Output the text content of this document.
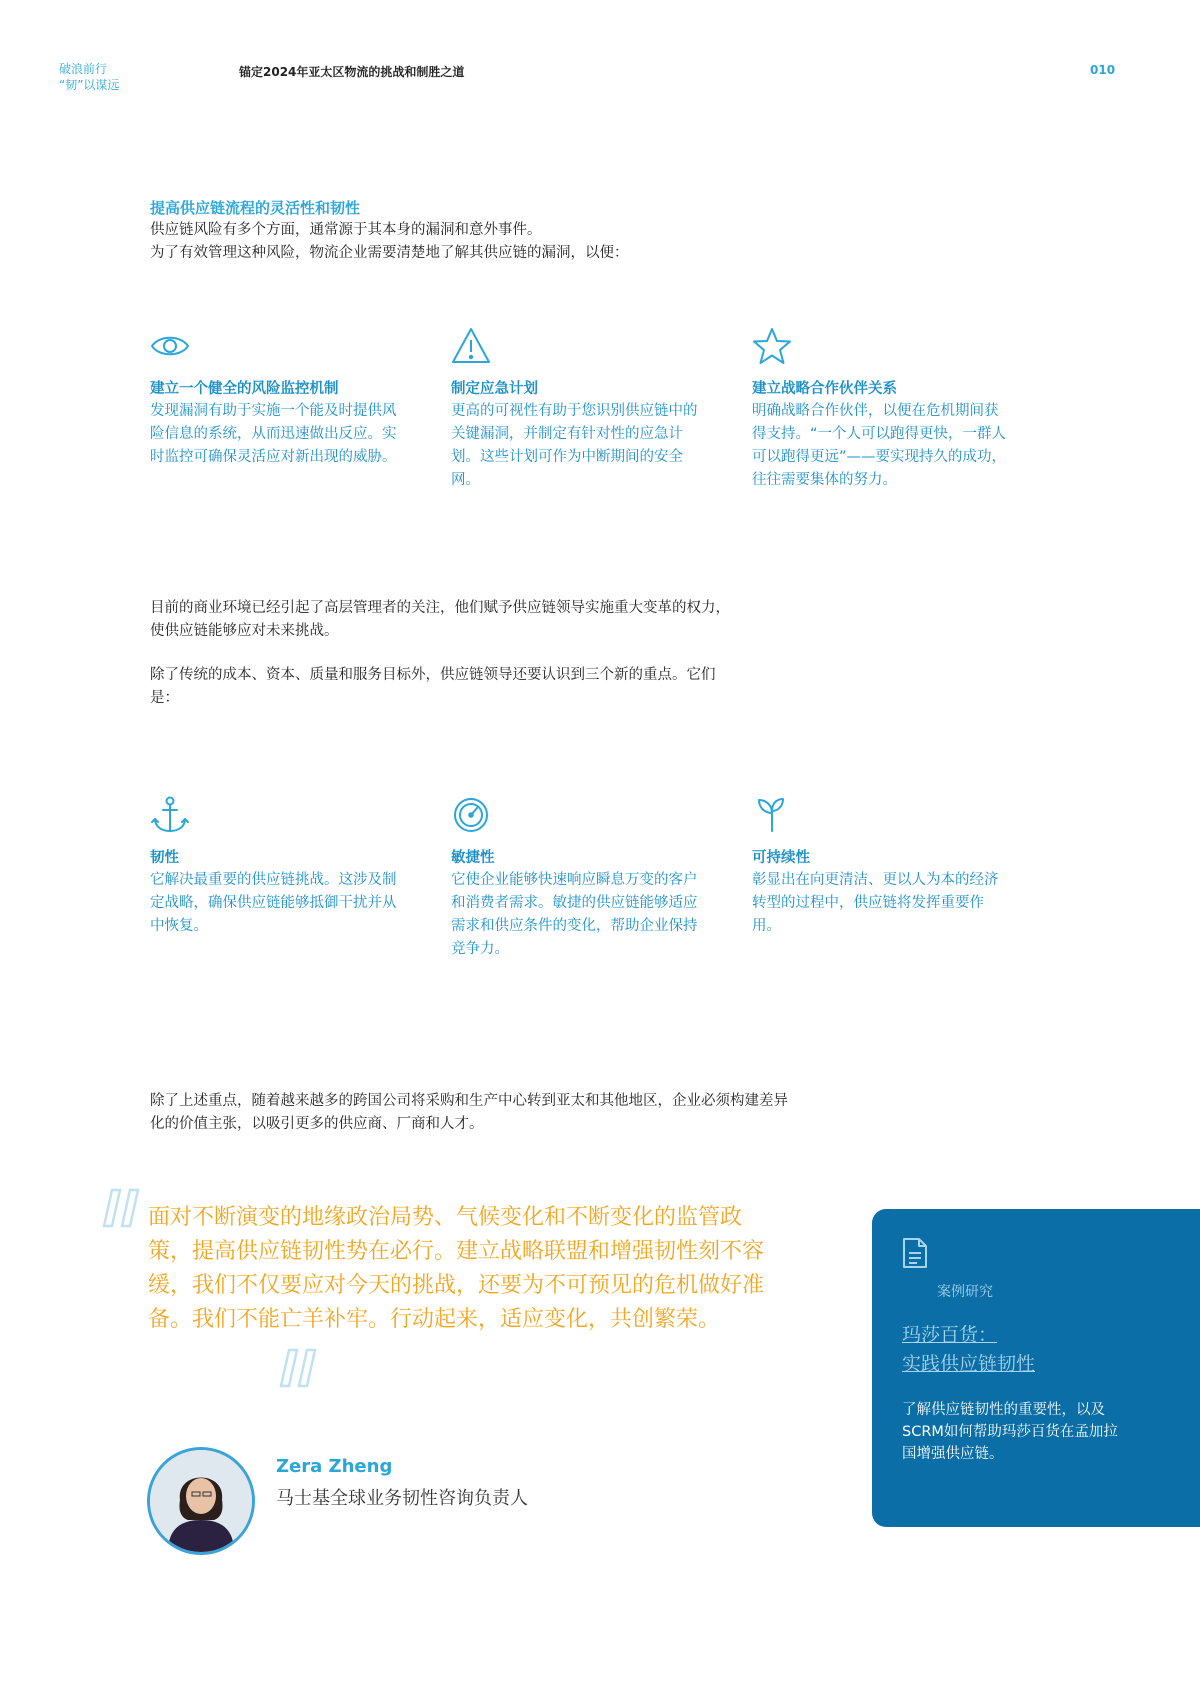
破浪前行
“韧”以谋远
锚定2024年亚太区物流的挑战和制胜之道	010
提高供应链流程的灵活性和韧性

供应链风险有多个方面，通常源于其本身的漏洞和意外事件。

为了有效管理这种风险，物流企业需要清楚地了解其供应链的漏洞，以便：

建立一个健全的风险监控机制

发现漏洞有助于实施一个能及时提供风险信息的系统，从而迅速做出反应。实时监控可确保灵活应对新出现的威胁。

制定应急计划

更高的可视性有助于您识别供应链中的关键漏洞，并制定有针对性的应急计划。这些计划可作为中断期间的安全网。

建立战略合作伙伴关系

明确战略合作伙伴，以便在危机期间获得支持。“一个人可以跑得更快，一群人可以跑得更远”——要实现持久的成功，往往需要集体的努力。

目前的商业环境已经引起了高层管理者的关注，他们赋予供应链领导实施重大变革的权力，使供应链能够应对未来挑战。
除了传统的成本、资本、质量和服务目标外，供应链领导还要认识到三个新的重点。它们是：
韧性

它解决最重要的供应链挑战。这涉及制定战略，确保供应链能够抵御干扰并从中恢复。

敏捷性

它使企业能够快速响应瞬息万变的客户和消费者需求。敏捷的供应链能够适应需求和供应条件的变化，帮助企业保持竞争力。

可持续性

彰显出在向更清洁、更以人为本的经济转型的过程中，供应链将发挥重要作用。

除了上述重点，随着越来越多的跨国公司将采购和生产中心转到亚太和其他地区，企业必须构建差异化的价值主张，以吸引更多的供应商、厂商和人才。
面对不断演变的地缘政治局势、气候变化和不断变化的监管政策，提高供应链韧性势在必行。建立战略联盟和增强韧性刻不容缓，我们不仅要应对今天的挑战，还要为不可预见的危机做好准备。我们不能亡羊补牢。行动起来，适应变化，共创繁荣。
Zera Zheng
马士基全球业务韧性咨询负责人
案例研究
玛莎百货：
实践供应链韧性
了解供应链韧性的重要性，以及SCRM如何帮助玛莎百货在孟加拉国增强供应链。
